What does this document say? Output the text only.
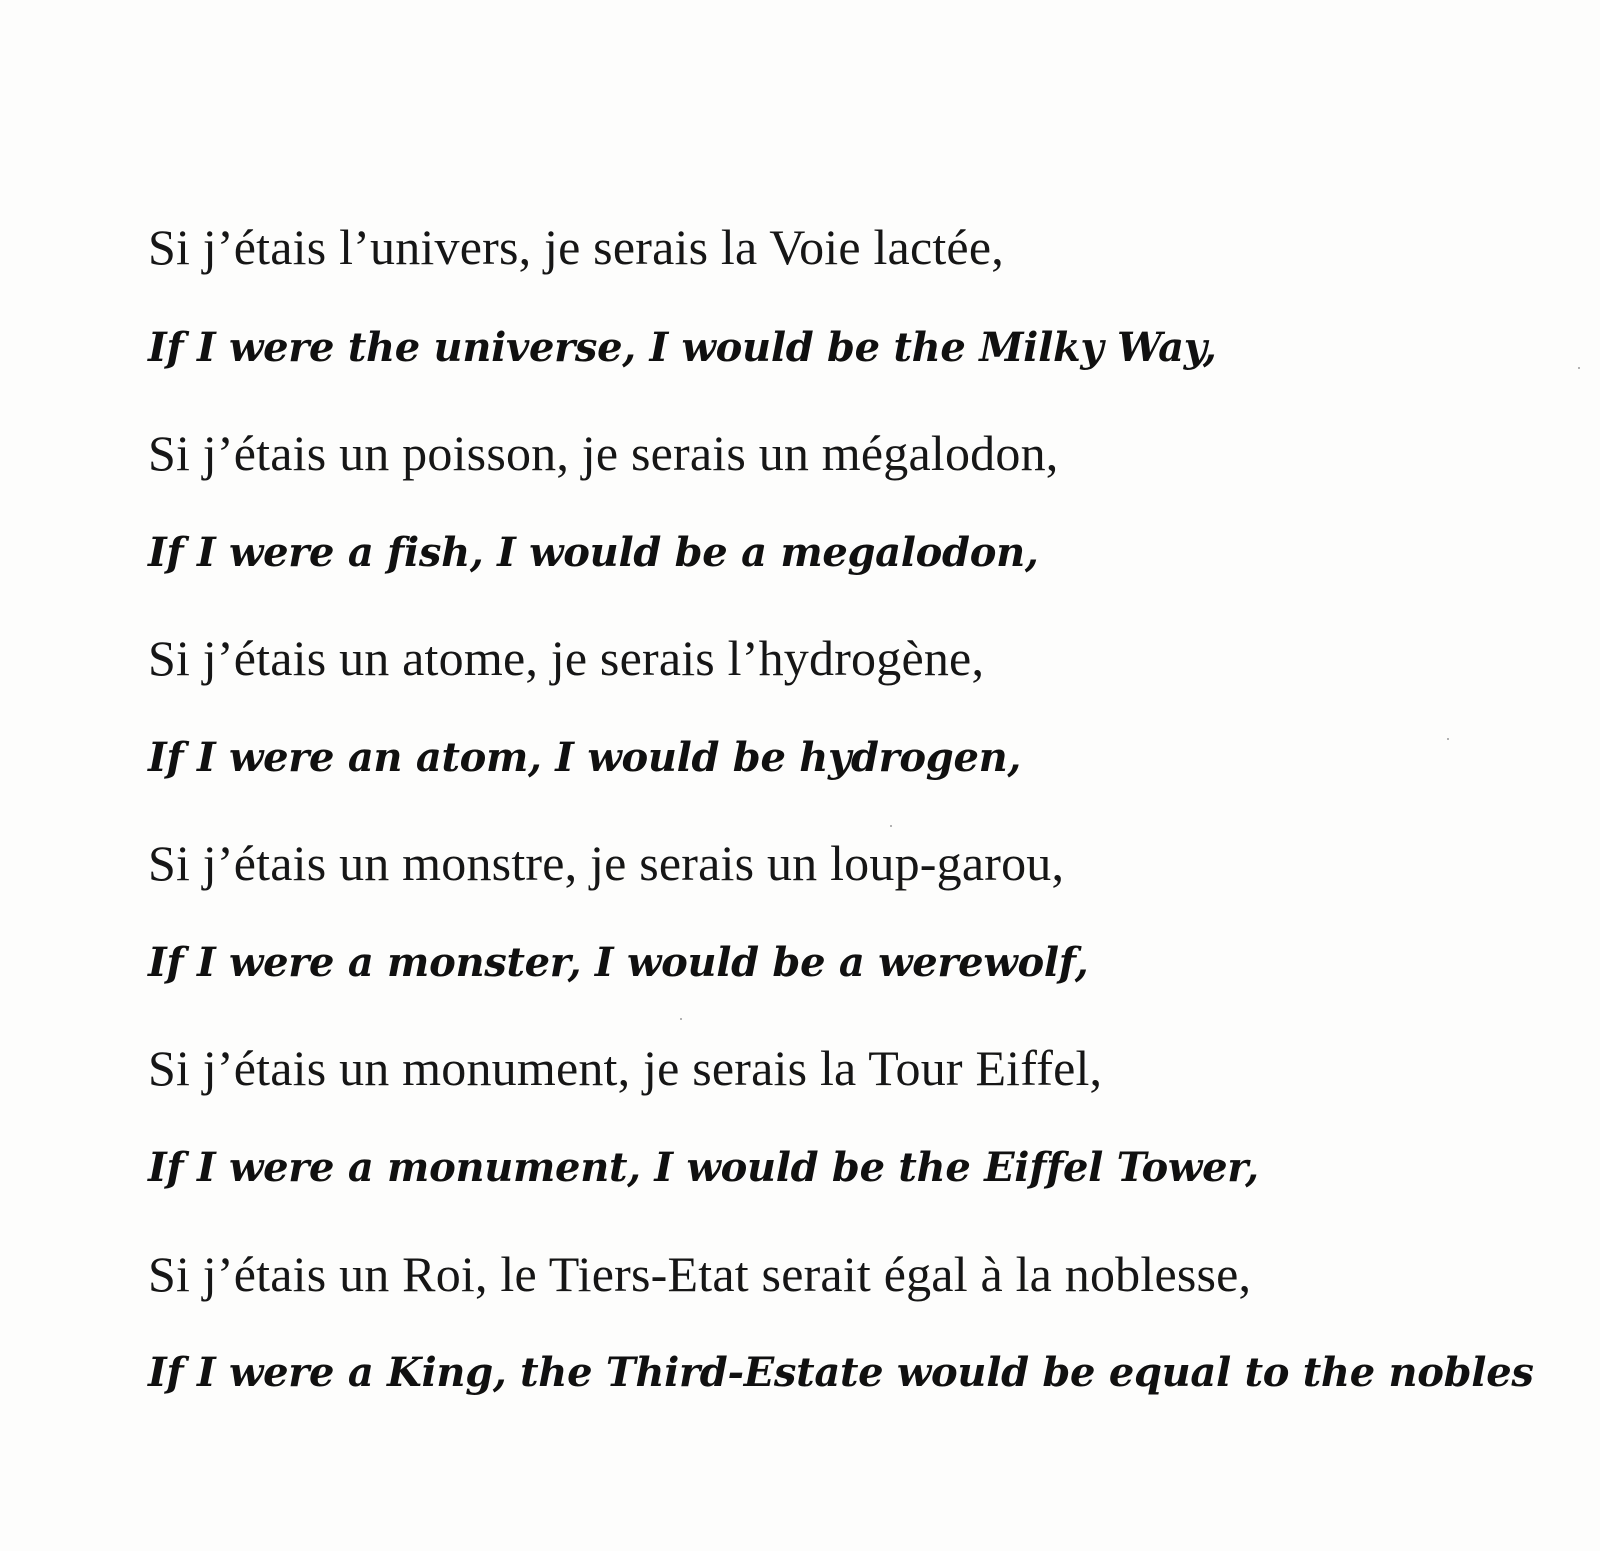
Si j’étais l’univers, je serais la Voie lactée,

If I were the universe, I would be the Milky Way,

Si j’étais un poisson, je serais un mégalodon,

If I were a fish, I would be a megalodon,

Si j’étais un atome, je serais l’hydrogène,

If I were an atom, I would be hydrogen,

Si j’étais un monstre, je serais un loup-garou,

If I were a monster, I would be a werewolf,

Si j’étais un monument, je serais la Tour Eiffel,

If I were a monument, I would be the Eiffel Tower,

Si j’étais un Roi, le Tiers-Etat serait égal à la noblesse,

If I were a King, the Third-Estate would be equal to the nobles
